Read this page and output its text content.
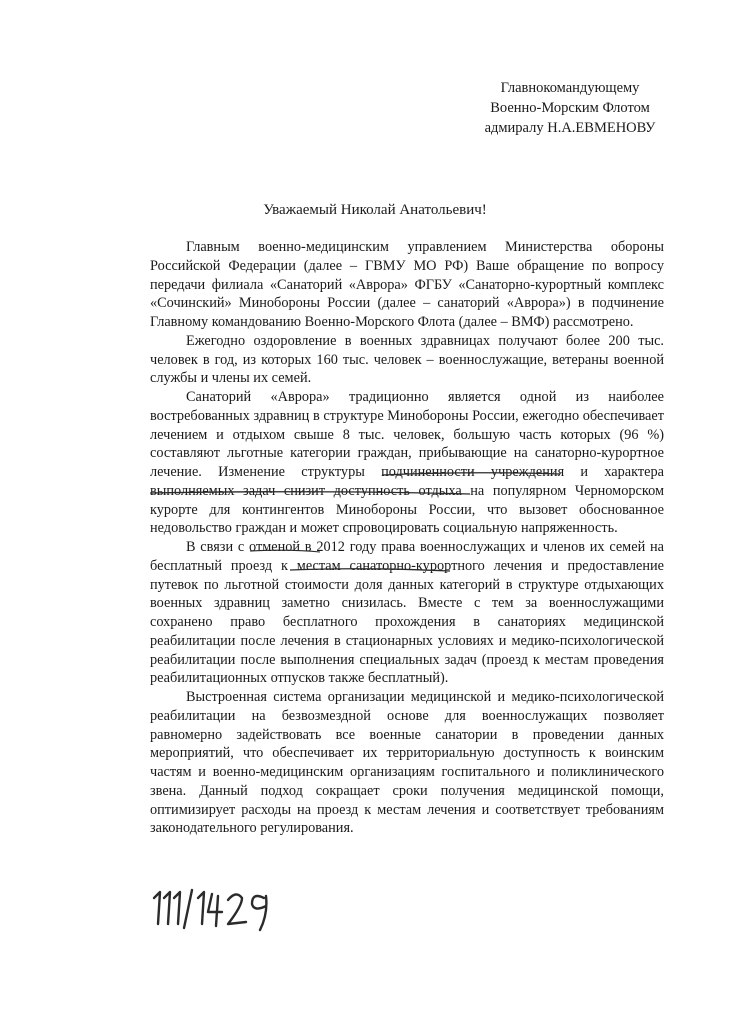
Главнокомандующему
Военно-Морским Флотом
адмиралу Н.А.ЕВМЕНОВУ
Уважаемый Николай Анатольевич!

Главным военно-медицинским управлением Министерства обороны Российской Федерации (далее – ГВМУ МО РФ) Ваше обращение по вопросу передачи филиала «Санаторий «Аврора» ФГБУ «Санаторно-курортный комплекс «Сочинский» Минобороны России (далее – санаторий «Аврора») в подчинение Главному командованию Военно-Морского Флота (далее – ВМФ) рассмотрено.

Ежегодно оздоровление в военных здравницах получают более 200 тыс. человек в год, из которых 160 тыс. человек – военнослужащие, ветераны военной службы и члены их семей.

Санаторий «Аврора» традиционно является одной из наиболее востребованных здравниц в структуре Минобороны России, ежегодно обеспечивает лечением и отдыхом свыше 8 тыс. человек, большую часть которых (96 %) составляют льготные категории граждан, прибывающие на санаторно-курортное лечение. Изменение структуры подчиненности учреждения и характера выполняемых задач снизит доступность отдыха на популярном Черноморском курорте для контингентов Минобороны России, что вызовет обоснованное недовольство граждан и может спровоцировать социальную напряженность.

В связи с отменой в 2012 году права военнослужащих и членов их семей на бесплатный проезд к местам санаторно-курортного лечения и предоставление путевок по льготной стоимости доля данных категорий в структуре отдыхающих военных здравниц заметно снизилась. Вместе с тем за военнослужащими сохранено право бесплатного прохождения в санаториях медицинской реабилитации после лечения в стационарных условиях и медико-психологической реабилитации после выполнения специальных задач (проезд к местам проведения реабилитационных отпусков также бесплатный).

Выстроенная система организации медицинской и медико-психологической реабилитации на безвозмездной основе для военнослужащих позволяет равномерно задействовать все военные санатории в проведении данных мероприятий, что обеспечивает их территориальную доступность к воинским частям и военно-медицинским организациям госпитального и поликлинического звена. Данный подход сокращает сроки получения медицинской помощи, оптимизирует расходы на проезд к местам лечения и соответствует требованиям законодательного регулирования.
